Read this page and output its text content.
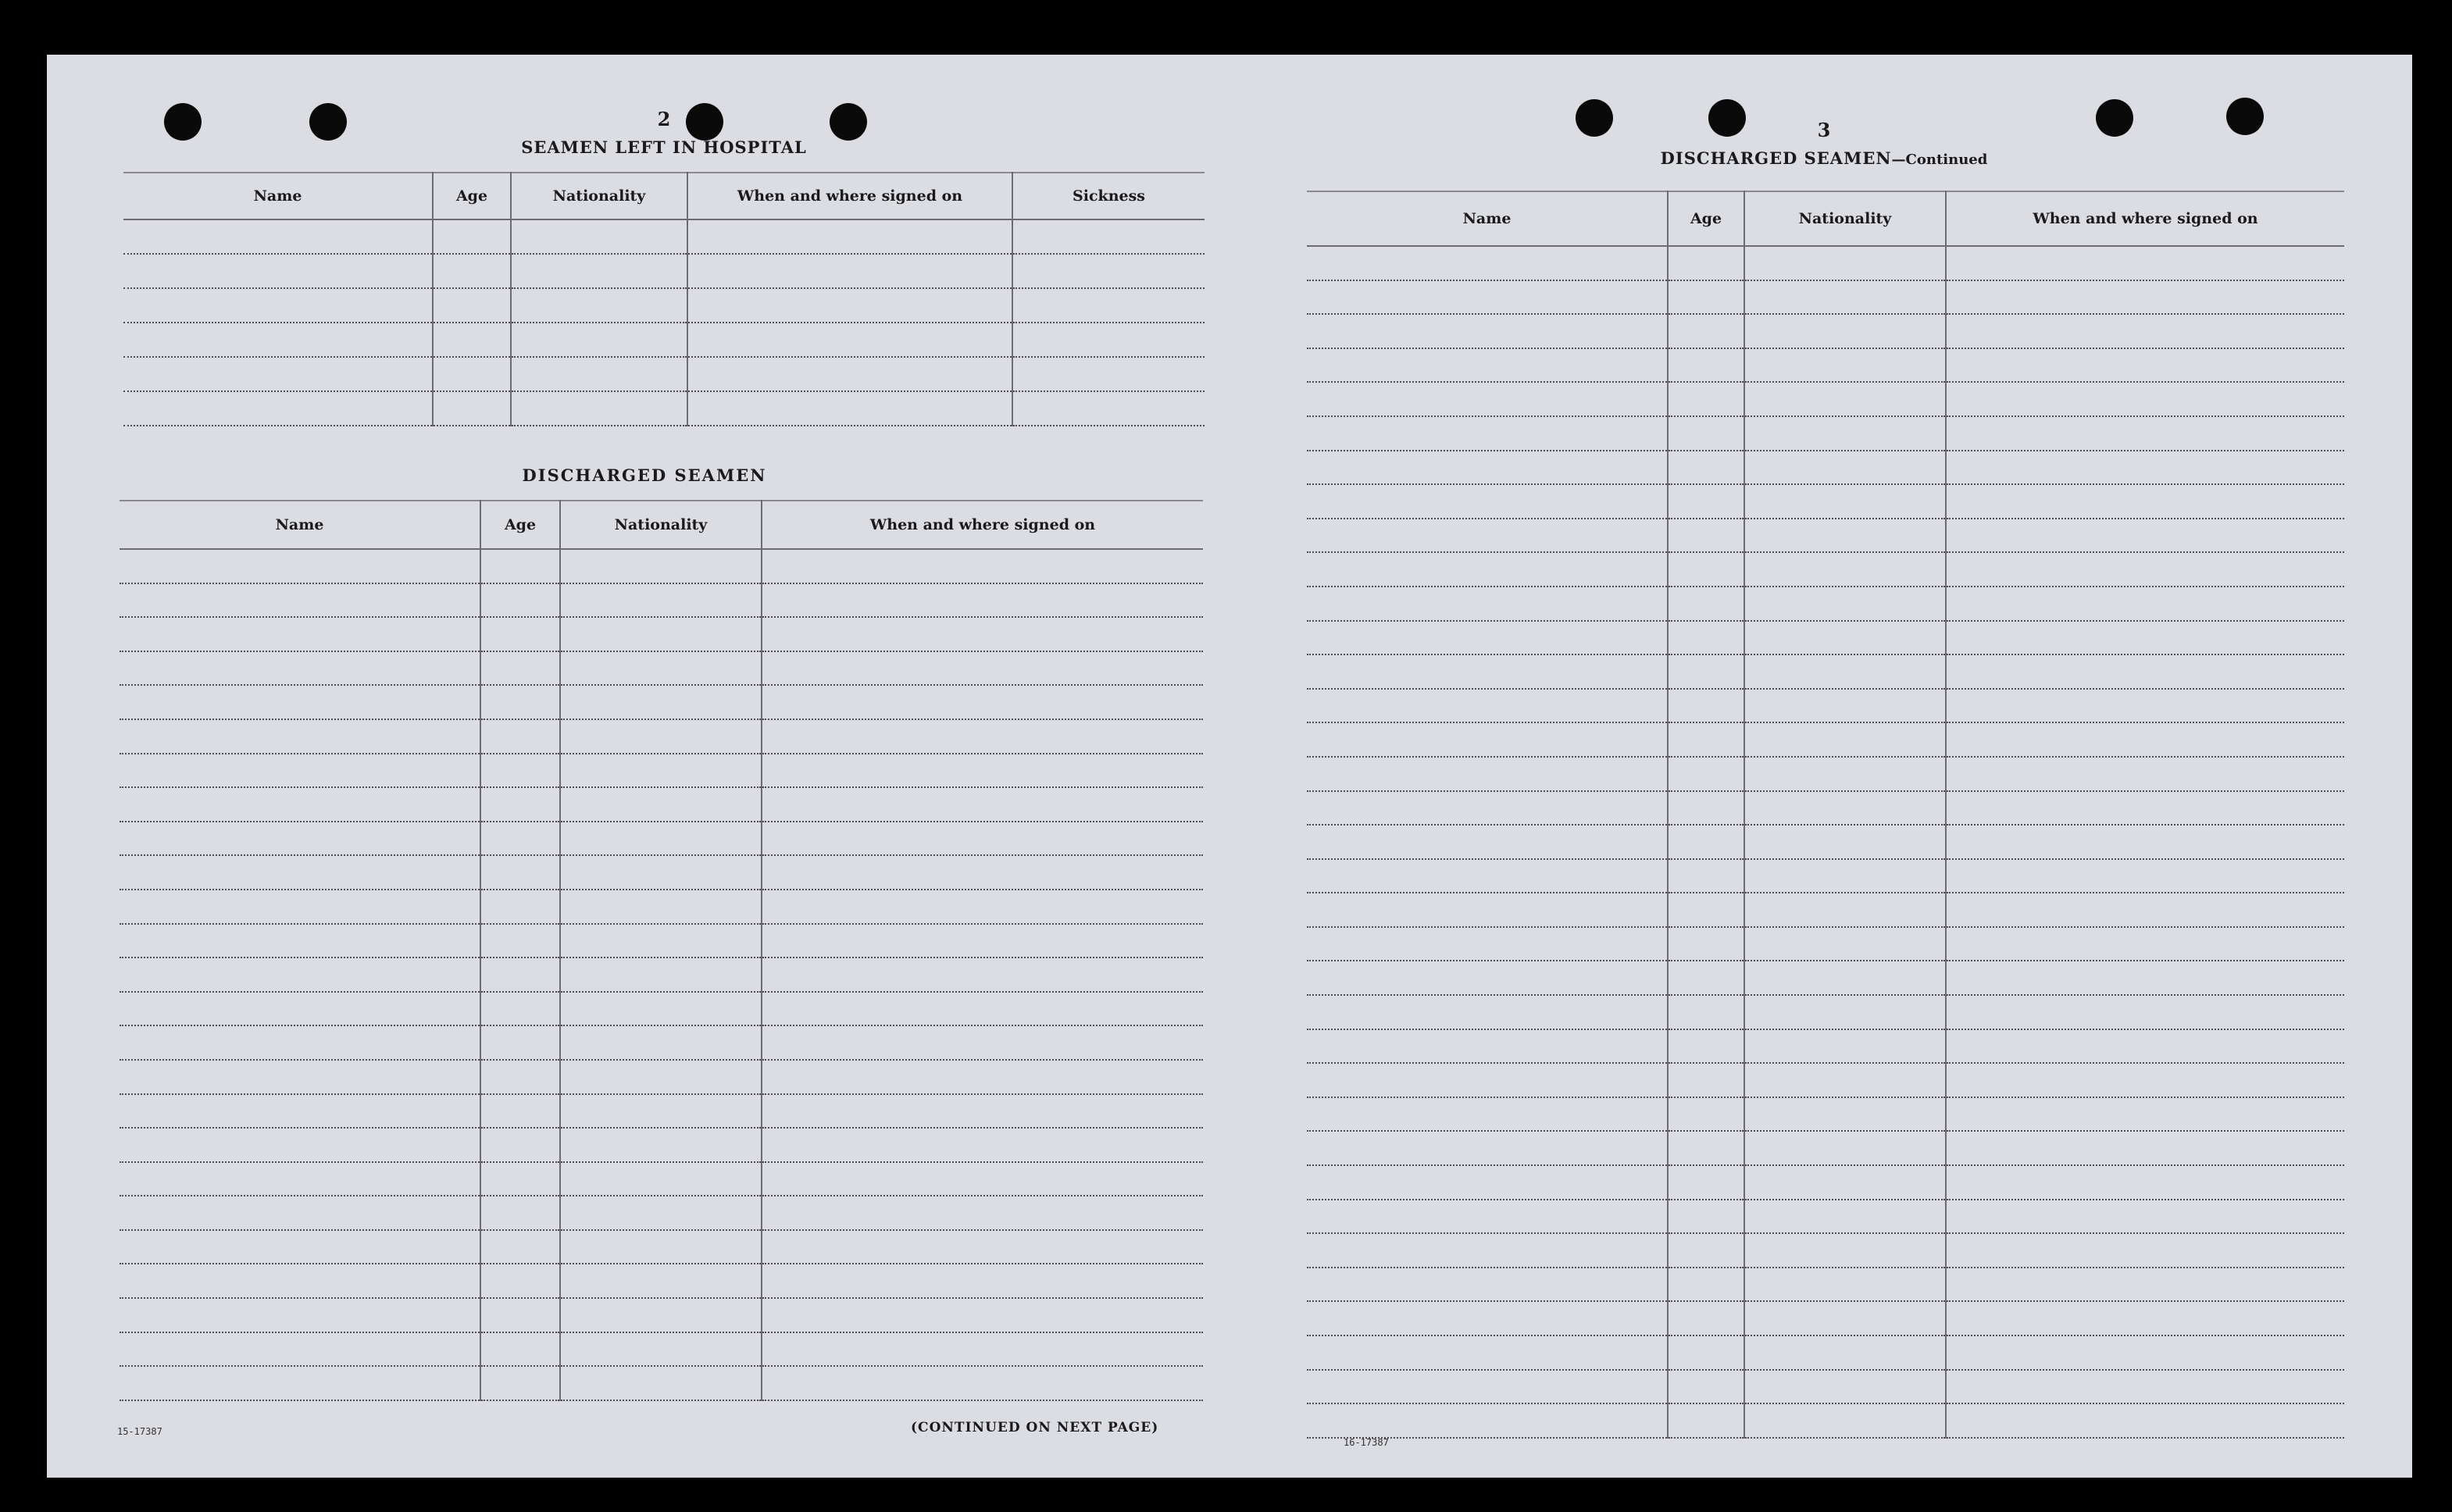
2
SEAMEN LEFT IN HOSPITAL
Name	Age	Nationality	When and where signed on	Sickness

DISCHARGED SEAMEN
Name	Age	Nationality	When and where signed on

15-17387	(CONTINUED ON NEXT PAGE)
3
DISCHARGED SEAMEN—Continued
Name	Age	Nationality	When and where signed on

16-17387
